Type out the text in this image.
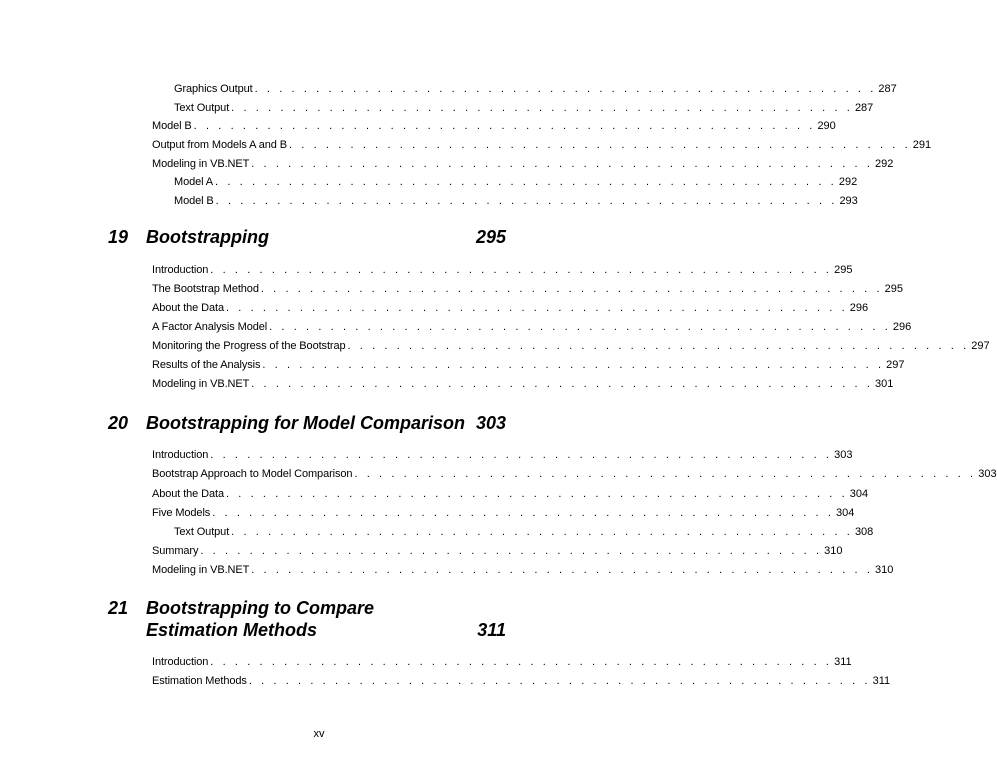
Graphics Output . . . . . . . . . . . . . . . . . . . . . . . . . . . . . . . . . . . . . . . . . . . . . . . . . . . 287
Text Output . . . . . . . . . . . . . . . . . . . . . . . . . . . . . . . . . . . . . . . . . . . . . . . . . . . 287
Model B . . . . . . . . . . . . . . . . . . . . . . . . . . . . . . . . . . . . . . . . . . . . . . . . . . . 290
Output from Models A and B . . . . . . . . . . . . . . . . . . . . . . . . . . . . . . . . . . . . . . . . . . . . . . . . . . . 291
Modeling in VB.NET . . . . . . . . . . . . . . . . . . . . . . . . . . . . . . . . . . . . . . . . . . . . . . . . . . . 292
Model A . . . . . . . . . . . . . . . . . . . . . . . . . . . . . . . . . . . . . . . . . . . . . . . . . . . 292
Model B . . . . . . . . . . . . . . . . . . . . . . . . . . . . . . . . . . . . . . . . . . . . . . . . . . . 293
19 Bootstrapping	295
Introduction . . . . . . . . . . . . . . . . . . . . . . . . . . . . . . . . . . . . . . . . . . . . . . . . . . . 295
The Bootstrap Method . . . . . . . . . . . . . . . . . . . . . . . . . . . . . . . . . . . . . . . . . . . . . . . . . . . 295
About the Data . . . . . . . . . . . . . . . . . . . . . . . . . . . . . . . . . . . . . . . . . . . . . . . . . . . 296
A Factor Analysis Model . . . . . . . . . . . . . . . . . . . . . . . . . . . . . . . . . . . . . . . . . . . . . . . . . . . 296
Monitoring the Progress of the Bootstrap . . . . . . . . . . . . . . . . . . . . . . . . . . . . . . . . . . . . . . . . . . . . . . . . . . . 297
Results of the Analysis . . . . . . . . . . . . . . . . . . . . . . . . . . . . . . . . . . . . . . . . . . . . . . . . . . . 297
Modeling in VB.NET . . . . . . . . . . . . . . . . . . . . . . . . . . . . . . . . . . . . . . . . . . . . . . . . . . . 301
20 Bootstrapping for Model Comparison 303
Introduction . . . . . . . . . . . . . . . . . . . . . . . . . . . . . . . . . . . . . . . . . . . . . . . . . . . 303
Bootstrap Approach to Model Comparison . . . . . . . . . . . . . . . . . . . . . . . . . . . . . . . . . . . . . . . . . . . . . . . . . . . 303
About the Data . . . . . . . . . . . . . . . . . . . . . . . . . . . . . . . . . . . . . . . . . . . . . . . . . . . 304
Five Models . . . . . . . . . . . . . . . . . . . . . . . . . . . . . . . . . . . . . . . . . . . . . . . . . . . 304
Text Output . . . . . . . . . . . . . . . . . . . . . . . . . . . . . . . . . . . . . . . . . . . . . . . . . . . 308
Summary . . . . . . . . . . . . . . . . . . . . . . . . . . . . . . . . . . . . . . . . . . . . . . . . . . . 310
Modeling in VB.NET . . . . . . . . . . . . . . . . . . . . . . . . . . . . . . . . . . . . . . . . . . . . . . . . . . . 310
21 Bootstrapping to Compare
Estimation Methods	311
Introduction . . . . . . . . . . . . . . . . . . . . . . . . . . . . . . . . . . . . . . . . . . . . . . . . . . . 311
Estimation Methods . . . . . . . . . . . . . . . . . . . . . . . . . . . . . . . . . . . . . . . . . . . . . . . . . . . 311
xv
